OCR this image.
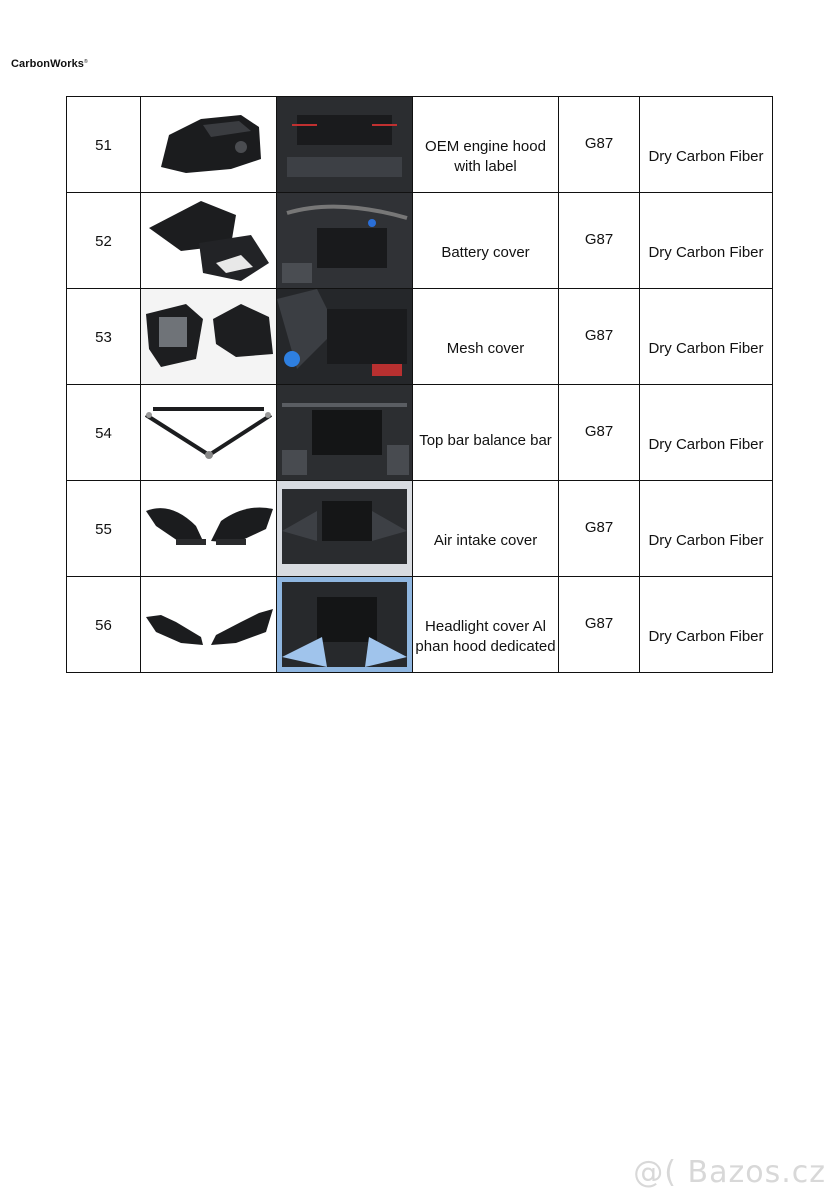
CarbonWorks®
51			OEM engine hood with label	G87	Dry Carbon Fiber

52			Battery cover	G87	Dry Carbon Fiber

53			Mesh cover	G87	Dry Carbon Fiber

54			Top bar balance bar	G87	Dry Carbon Fiber

55			Air intake cover	G87	Dry Carbon Fiber

56			Headlight cover Al phan hood dedicated	G87	Dry Carbon Fiber
@( Bazos.cz
